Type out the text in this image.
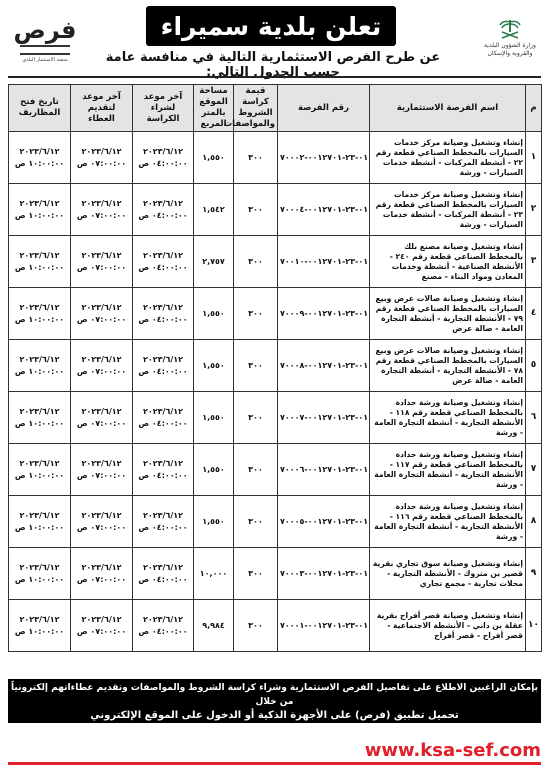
فرص
منصة الاستثمار البلدي
تعلن بلدية سميراء
عن طرح الفرص الاستثمارية التالية في منافسة عامة حسب الجدول التالي:
وزارة الشؤون البلدية والقروية والإسكان
م	اسم الفرصة الاستثمارية	رقم الفرصة	قيمة كراسة الشروط والمواصفات	مساحة الموقع بالمتر المربع	آخر موعد لشراء الكراسة	آخر موعد لتقديم العطاء	تاريخ فتح المظاريف
١	إنشاء وتشغيل وصيانة مركز خدمات السيارات بالمخطط الصناعي قطعة رقم ٢٢ - أنشطة المركبات - أنشطة خدمات السيارات - ورشة	٠١-٢٣-٠٠١٢٧٠١-٧٠٠٠٢	٣٠٠	١,٥٥٠	٢٠٢٣/٦/١٢ ٠٤:٠٠:٠٠ ص	٢٠٢٣/٦/١٢ ٠٧:٠٠:٠٠ ص	٢٠٢٣/٦/١٢ ١٠:٠٠:٠٠ ص
٢	إنشاء وتشغيل وصيانة مركز خدمات السيارات بالمخطط الصناعي قطعة رقم ٢٣ - أنشطة المركبات - أنشطة خدمات السيارات - ورشة	٠١-٢٣-٠٠١٢٧٠١-٧٠٠٠٤	٣٠٠	١,٥٤٢	٢٠٢٣/٦/١٢ ٠٤:٠٠:٠٠ ص	٢٠٢٣/٦/١٢ ٠٧:٠٠:٠٠ ص	٢٠٢٣/٦/١٢ ١٠:٠٠:٠٠ ص
٣	إنشاء وتشغيل وصيانة مصنع بلك بالمخطط الصناعي قطعة رقم ٢٤٠ - الأنشطة الصناعية - أنشطة وخدمات المعادن ومواد البناء - مصنع	٠١-٢٣-٠٠١٢٧٠١-٧٠٠١٠	٣٠٠	٢,٧٥٧	٢٠٢٣/٦/١٢ ٠٤:٠٠:٠٠ ص	٢٠٢٣/٦/١٢ ٠٧:٠٠:٠٠ ص	٢٠٢٣/٦/١٢ ١٠:٠٠:٠٠ ص
٤	إنشاء وتشغيل وصيانة صالات عرض وبيع السيارات بالمخطط الصناعي قطعة رقم ٧٩ - الأنشطة التجارية - أنشطة التجارة العامة - صالة عرض	٠١-٢٣-٠٠١٢٧٠١-٧٠٠٠٩	٣٠٠	١,٥٥٠	٢٠٢٣/٦/١٢ ٠٤:٠٠:٠٠ ص	٢٠٢٣/٦/١٢ ٠٧:٠٠:٠٠ ص	٢٠٢٣/٦/١٢ ١٠:٠٠:٠٠ ص
٥	إنشاء وتشغيل وصيانة صالات عرض وبيع السيارات بالمخطط الصناعي قطعة رقم ٧٨ - الأنشطة التجارية - أنشطة التجارة العامة - صالة عرض	٠١-٢٣-٠٠١٢٧٠١-٧٠٠٠٨	٣٠٠	١,٥٥٠	٢٠٢٣/٦/١٢ ٠٤:٠٠:٠٠ ص	٢٠٢٣/٦/١٢ ٠٧:٠٠:٠٠ ص	٢٠٢٣/٦/١٢ ١٠:٠٠:٠٠ ص
٦	إنشاء وتشغيل وصيانة ورشة حدادة بالمخطط الصناعي قطعة رقم ١١٨ - الأنشطة التجارية - أنشطة التجارة العامة - ورشة	٠١-٢٣-٠٠١٢٧٠١-٧٠٠٠٧	٣٠٠	١,٥٥٠	٢٠٢٣/٦/١٢ ٠٤:٠٠:٠٠ ص	٢٠٢٣/٦/١٢ ٠٧:٠٠:٠٠ ص	٢٠٢٣/٦/١٢ ١٠:٠٠:٠٠ ص
٧	إنشاء وتشغيل وصيانة ورشة حدادة بالمخطط الصناعي قطعة رقم ١١٧ - الأنشطة التجارية - أنشطة التجارة العامة - ورشة	٠١-٢٣-٠٠١٢٧٠١-٧٠٠٠٦	٣٠٠	١,٥٥٠	٢٠٢٣/٦/١٢ ٠٤:٠٠:٠٠ ص	٢٠٢٣/٦/١٢ ٠٧:٠٠:٠٠ ص	٢٠٢٣/٦/١٢ ١٠:٠٠:٠٠ ص
٨	إنشاء وتشغيل وصيانة ورشة حدادة بالمخطط الصناعي قطعة رقم ١١٦ - الأنشطة التجارية - أنشطة التجارة العامة - ورشة	٠١-٢٣-٠٠١٢٧٠١-٧٠٠٠٥	٣٠٠	١,٥٥٠	٢٠٢٣/٦/١٢ ٠٤:٠٠:٠٠ ص	٢٠٢٣/٦/١٢ ٠٧:٠٠:٠٠ ص	٢٠٢٣/٦/١٢ ١٠:٠٠:٠٠ ص
٩	إنشاء وتشغيل وصيانة سوق تجاري بقرية قصير بن متروك - الأنشطة التجارية - محلات تجارية - مجمع تجاري	٠١-٢٣-٠٠١٢٧٠١-٧٠٠٠٣	٣٠٠	١٠,٠٠٠	٢٠٢٣/٦/١٢ ٠٤:٠٠:٠٠ ص	٢٠٢٣/٦/١٢ ٠٧:٠٠:٠٠ ص	٢٠٢٣/٦/١٢ ١٠:٠٠:٠٠ ص
١٠	إنشاء وتشغيل وصيانة قصر أفراح بقرية عقلة بن داني - الأنشطة الاجتماعية - قصر أفراح - قصر أفراح	٠١-٢٣-٠٠١٢٧٠١-٧٠٠٠١	٣٠٠	٩,٩٨٤	٢٠٢٣/٦/١٢ ٠٤:٠٠:٠٠ ص	٢٠٢٣/٦/١٢ ٠٧:٠٠:٠٠ ص	٢٠٢٣/٦/١٢ ١٠:٠٠:٠٠ ص
بإمكان الراغبين الاطلاع على تفاصيل الفرص الاستثمارية وشراء كراسة الشروط والمواصفات وتقديم عطاءاتهم إلكترونياً من خلال
تحميل تطبيق (فرص) على الأجهزة الذكية أو الدخول على الموقع الإلكتروني (https://Furas.momra.gov.sa)
www.ksa-sef.com
